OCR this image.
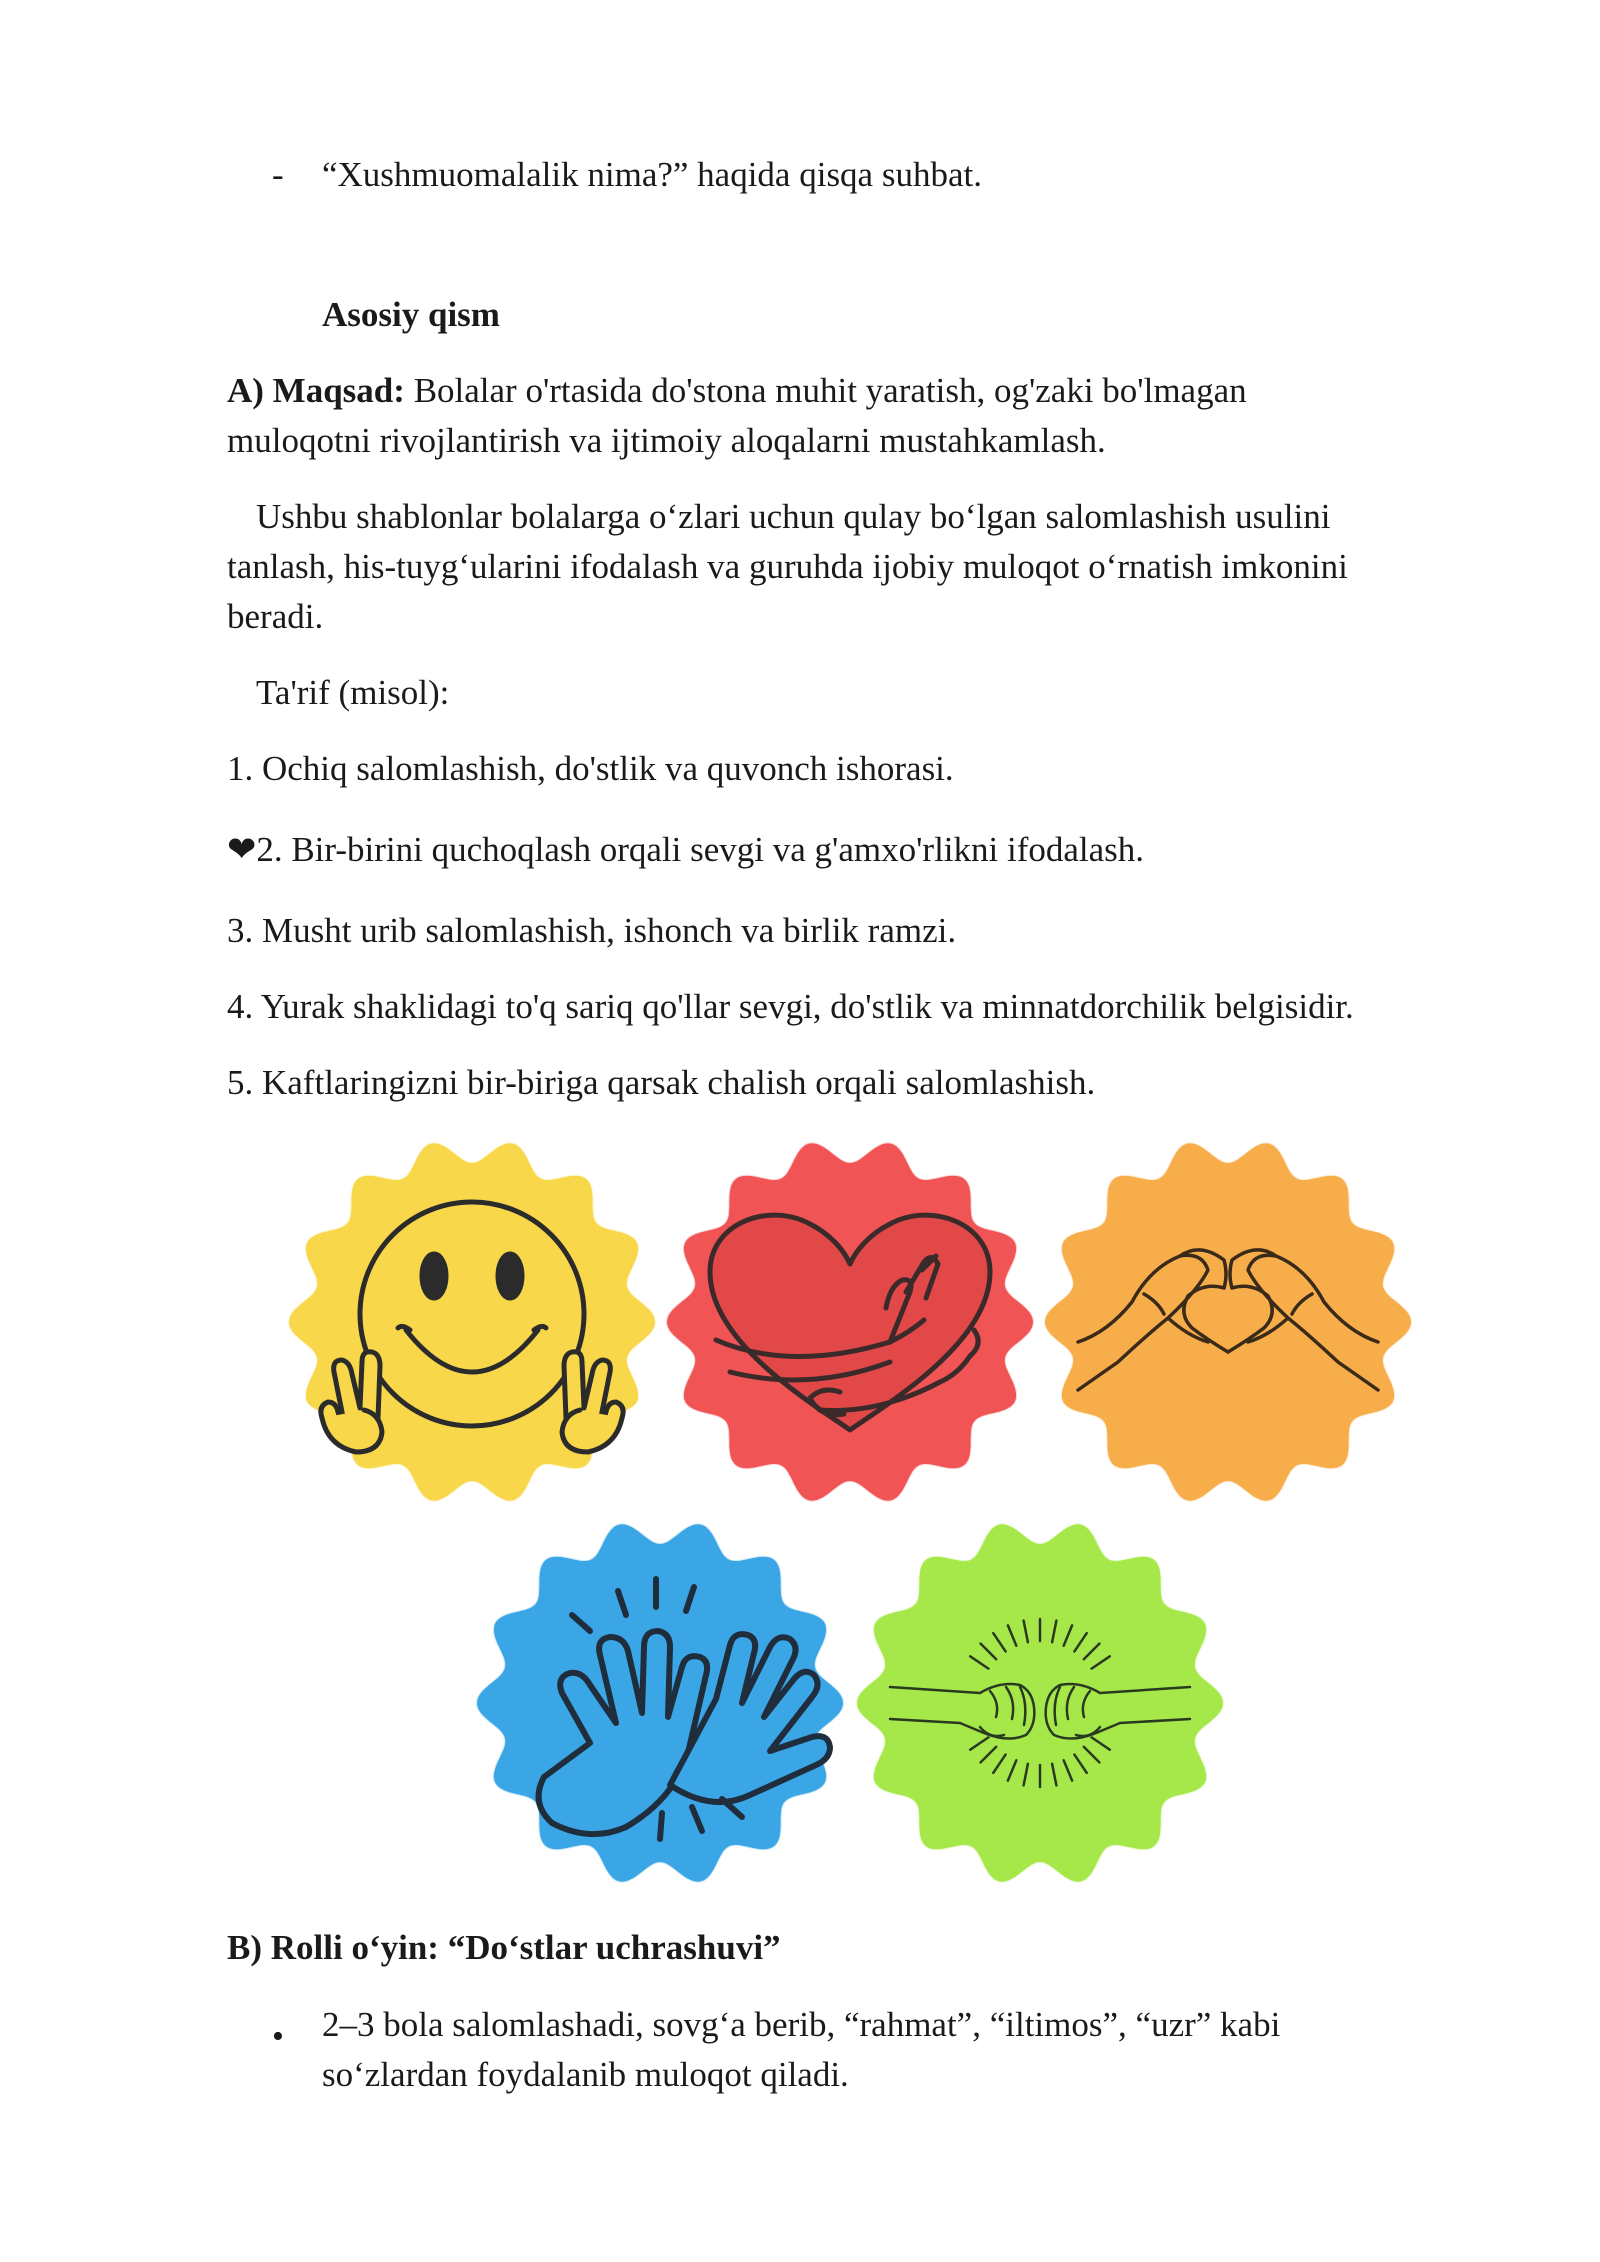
- “Xushmuomalalik nima?” haqida qisqa suhbat.
Asosiy qism
A) Maqsad: Bolalar o'rtasida do'stona muhit yaratish, og'zaki bo'lmagan
muloqotni rivojlantirish va ijtimoiy aloqalarni mustahkamlash.
Ushbu shablonlar bolalarga o‘zlari uchun qulay bo‘lgan salomlashish usulini
tanlash, his-tuyg‘ularini ifodalash va guruhda ijobiy muloqot o‘rnatish imkonini
beradi.
Ta'rif (misol):
1. Ochiq salomlashish, do'stlik va quvonch ishorasi.
❤2. Bir-birini quchoqlash orqali sevgi va g'amxo'rlikni ifodalash.
3. Musht urib salomlashish, ishonch va birlik ramzi.
4. Yurak shaklidagi to'q sariq qo'llar sevgi, do'stlik va minnatdorchilik belgisidir.
5. Kaftlaringizni bir-biriga qarsak chalish orqali salomlashish.
B) Rolli o‘yin: “Do‘stlar uchrashuvi”
• 2–3 bola salomlashadi, sovg‘a berib, “rahmat”, “iltimos”, “uzr” kabi
so‘zlardan foydalanib muloqot qiladi.
